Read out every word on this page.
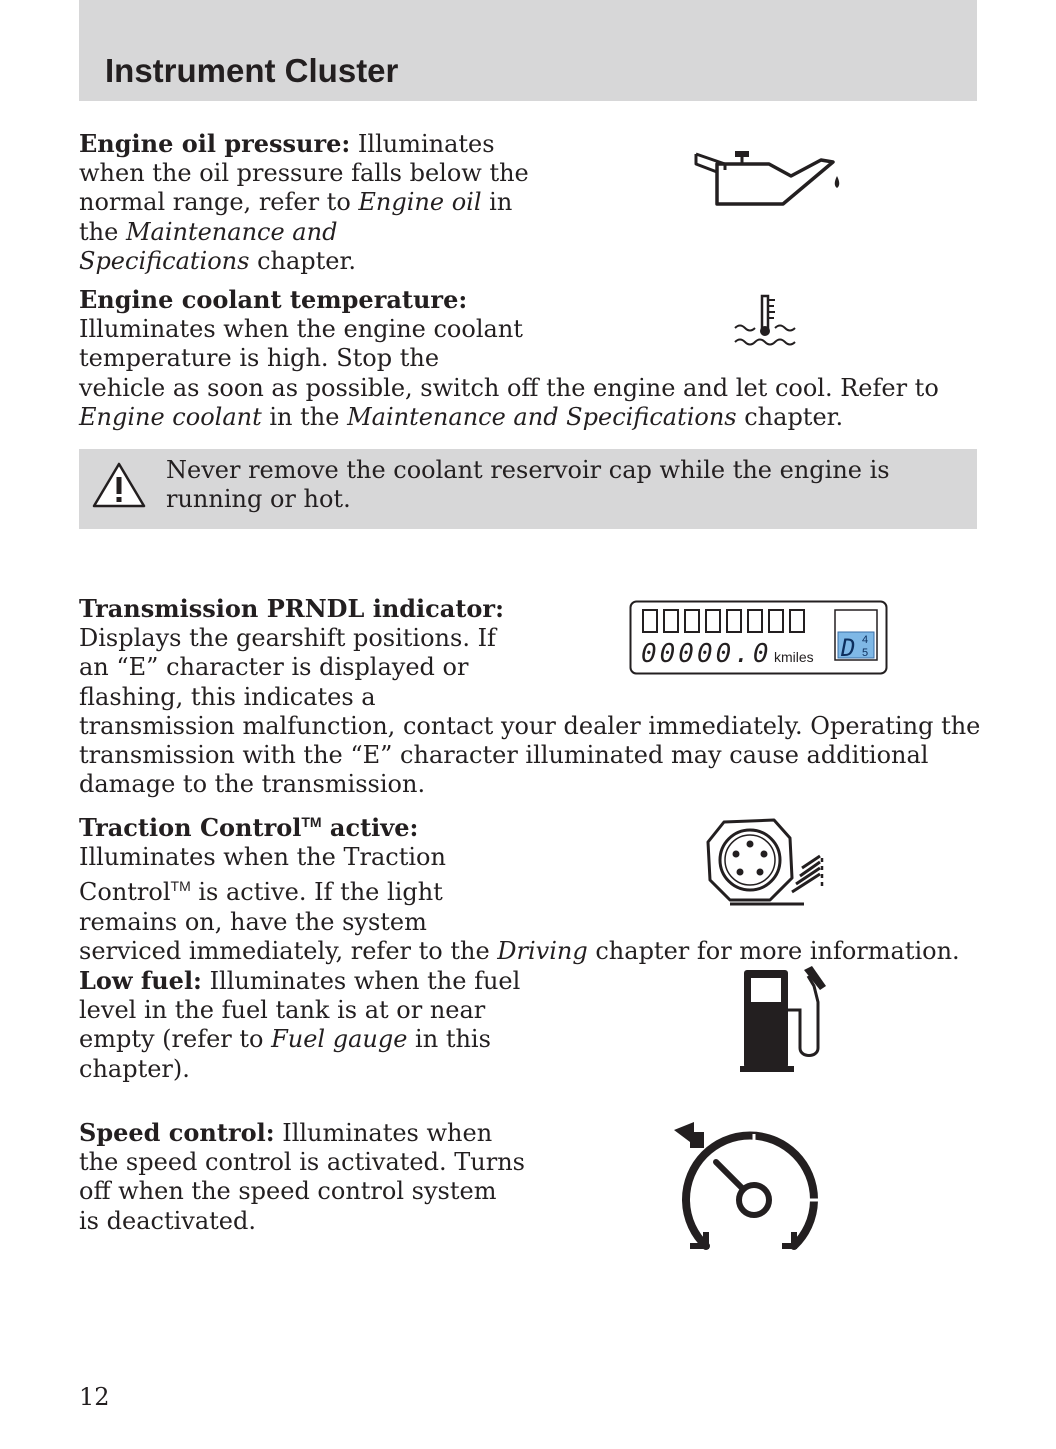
Instrument Cluster
Engine oil pressure: Illuminates
when the oil pressure falls below the
normal range, refer to Engine oil in
the Maintenance and
Specifications chapter.
Engine coolant temperature:
Illuminates when the engine coolant
temperature is high. Stop the
vehicle as soon as possible, switch off the engine and let cool. Refer to
Engine coolant in the Maintenance and Specifications chapter.
Never remove the coolant reservoir cap while the engine is
running or hot.
Transmission PRNDL indicator:
Displays the gearshift positions. If
an “E” character is displayed or
flashing, this indicates a
transmission malfunction, contact your dealer immediately. Operating the
transmission with the “E” character illuminated may cause additional
damage to the transmission.
00000.0 kmiles D 4
5
Traction Control™ active:
Illuminates when the Traction
Control™ is active. If the light
remains on, have the system
serviced immediately, refer to the Driving chapter for more information.
Low fuel: Illuminates when the fuel
level in the fuel tank is at or near
empty (refer to Fuel gauge in this
chapter).
Speed control: Illuminates when
the speed control is activated. Turns
off when the speed control system
is deactivated.
12
